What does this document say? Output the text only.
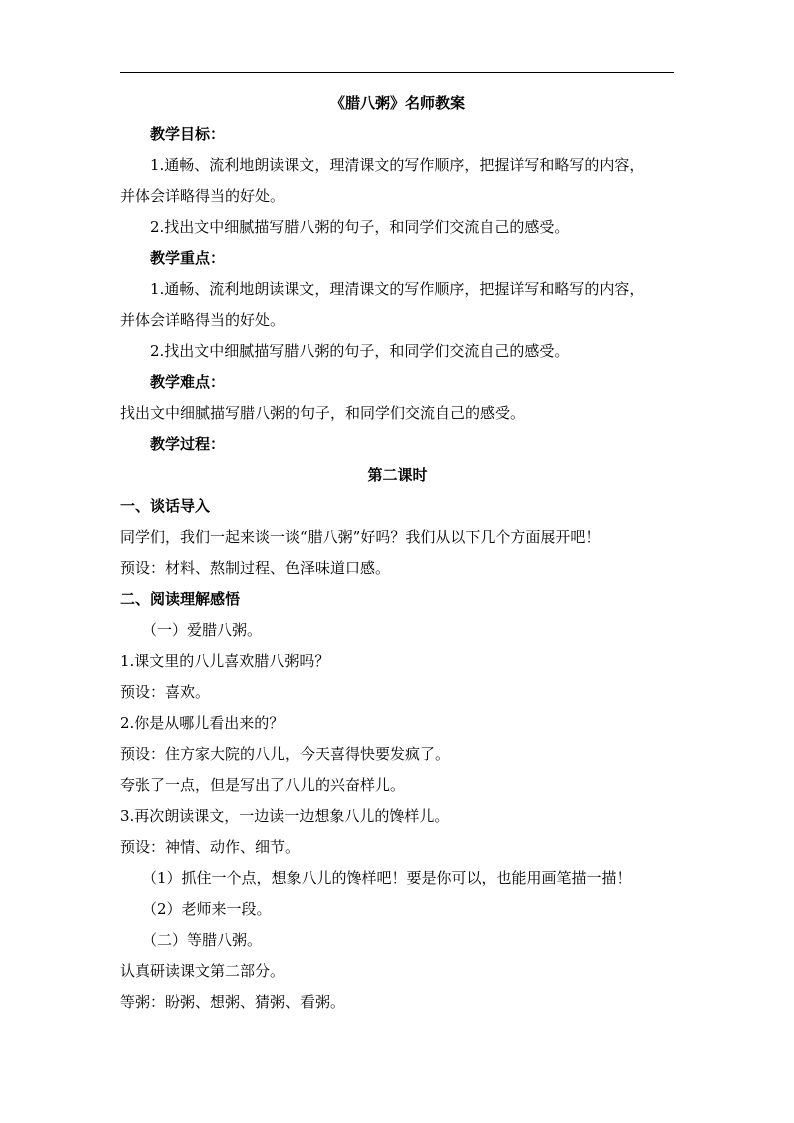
《腊八粥》名师教案
教学目标：
1.通畅、流利地朗读课文，理清课文的写作顺序，把握详写和略写的内容，
并体会详略得当的好处。
2.找出文中细腻描写腊八粥的句子，和同学们交流自己的感受。
教学重点：
1.通畅、流利地朗读课文，理清课文的写作顺序，把握详写和略写的内容，
并体会详略得当的好处。
2.找出文中细腻描写腊八粥的句子，和同学们交流自己的感受。
教学难点：
找出文中细腻描写腊八粥的句子，和同学们交流自己的感受。
教学过程：
第二课时
一、谈话导入
同学们，我们一起来谈一谈“腊八粥”好吗？我们从以下几个方面展开吧！
预设：材料、熬制过程、色泽味道口感。
二、阅读理解感悟
（一）爱腊八粥。
1.课文里的八儿喜欢腊八粥吗？
预设：喜欢。
2.你是从哪儿看出来的？
预设：住方家大院的八儿，今天喜得快要发疯了。
夸张了一点，但是写出了八儿的兴奋样儿。
3.再次朗读课文，一边读一边想象八儿的馋样儿。
预设：神情、动作、细节。
（1）抓住一个点，想象八儿的馋样吧！要是你可以，也能用画笔描一描！
（2）老师来一段。
（二）等腊八粥。
认真研读课文第二部分。
等粥：盼粥、想粥、猜粥、看粥。
